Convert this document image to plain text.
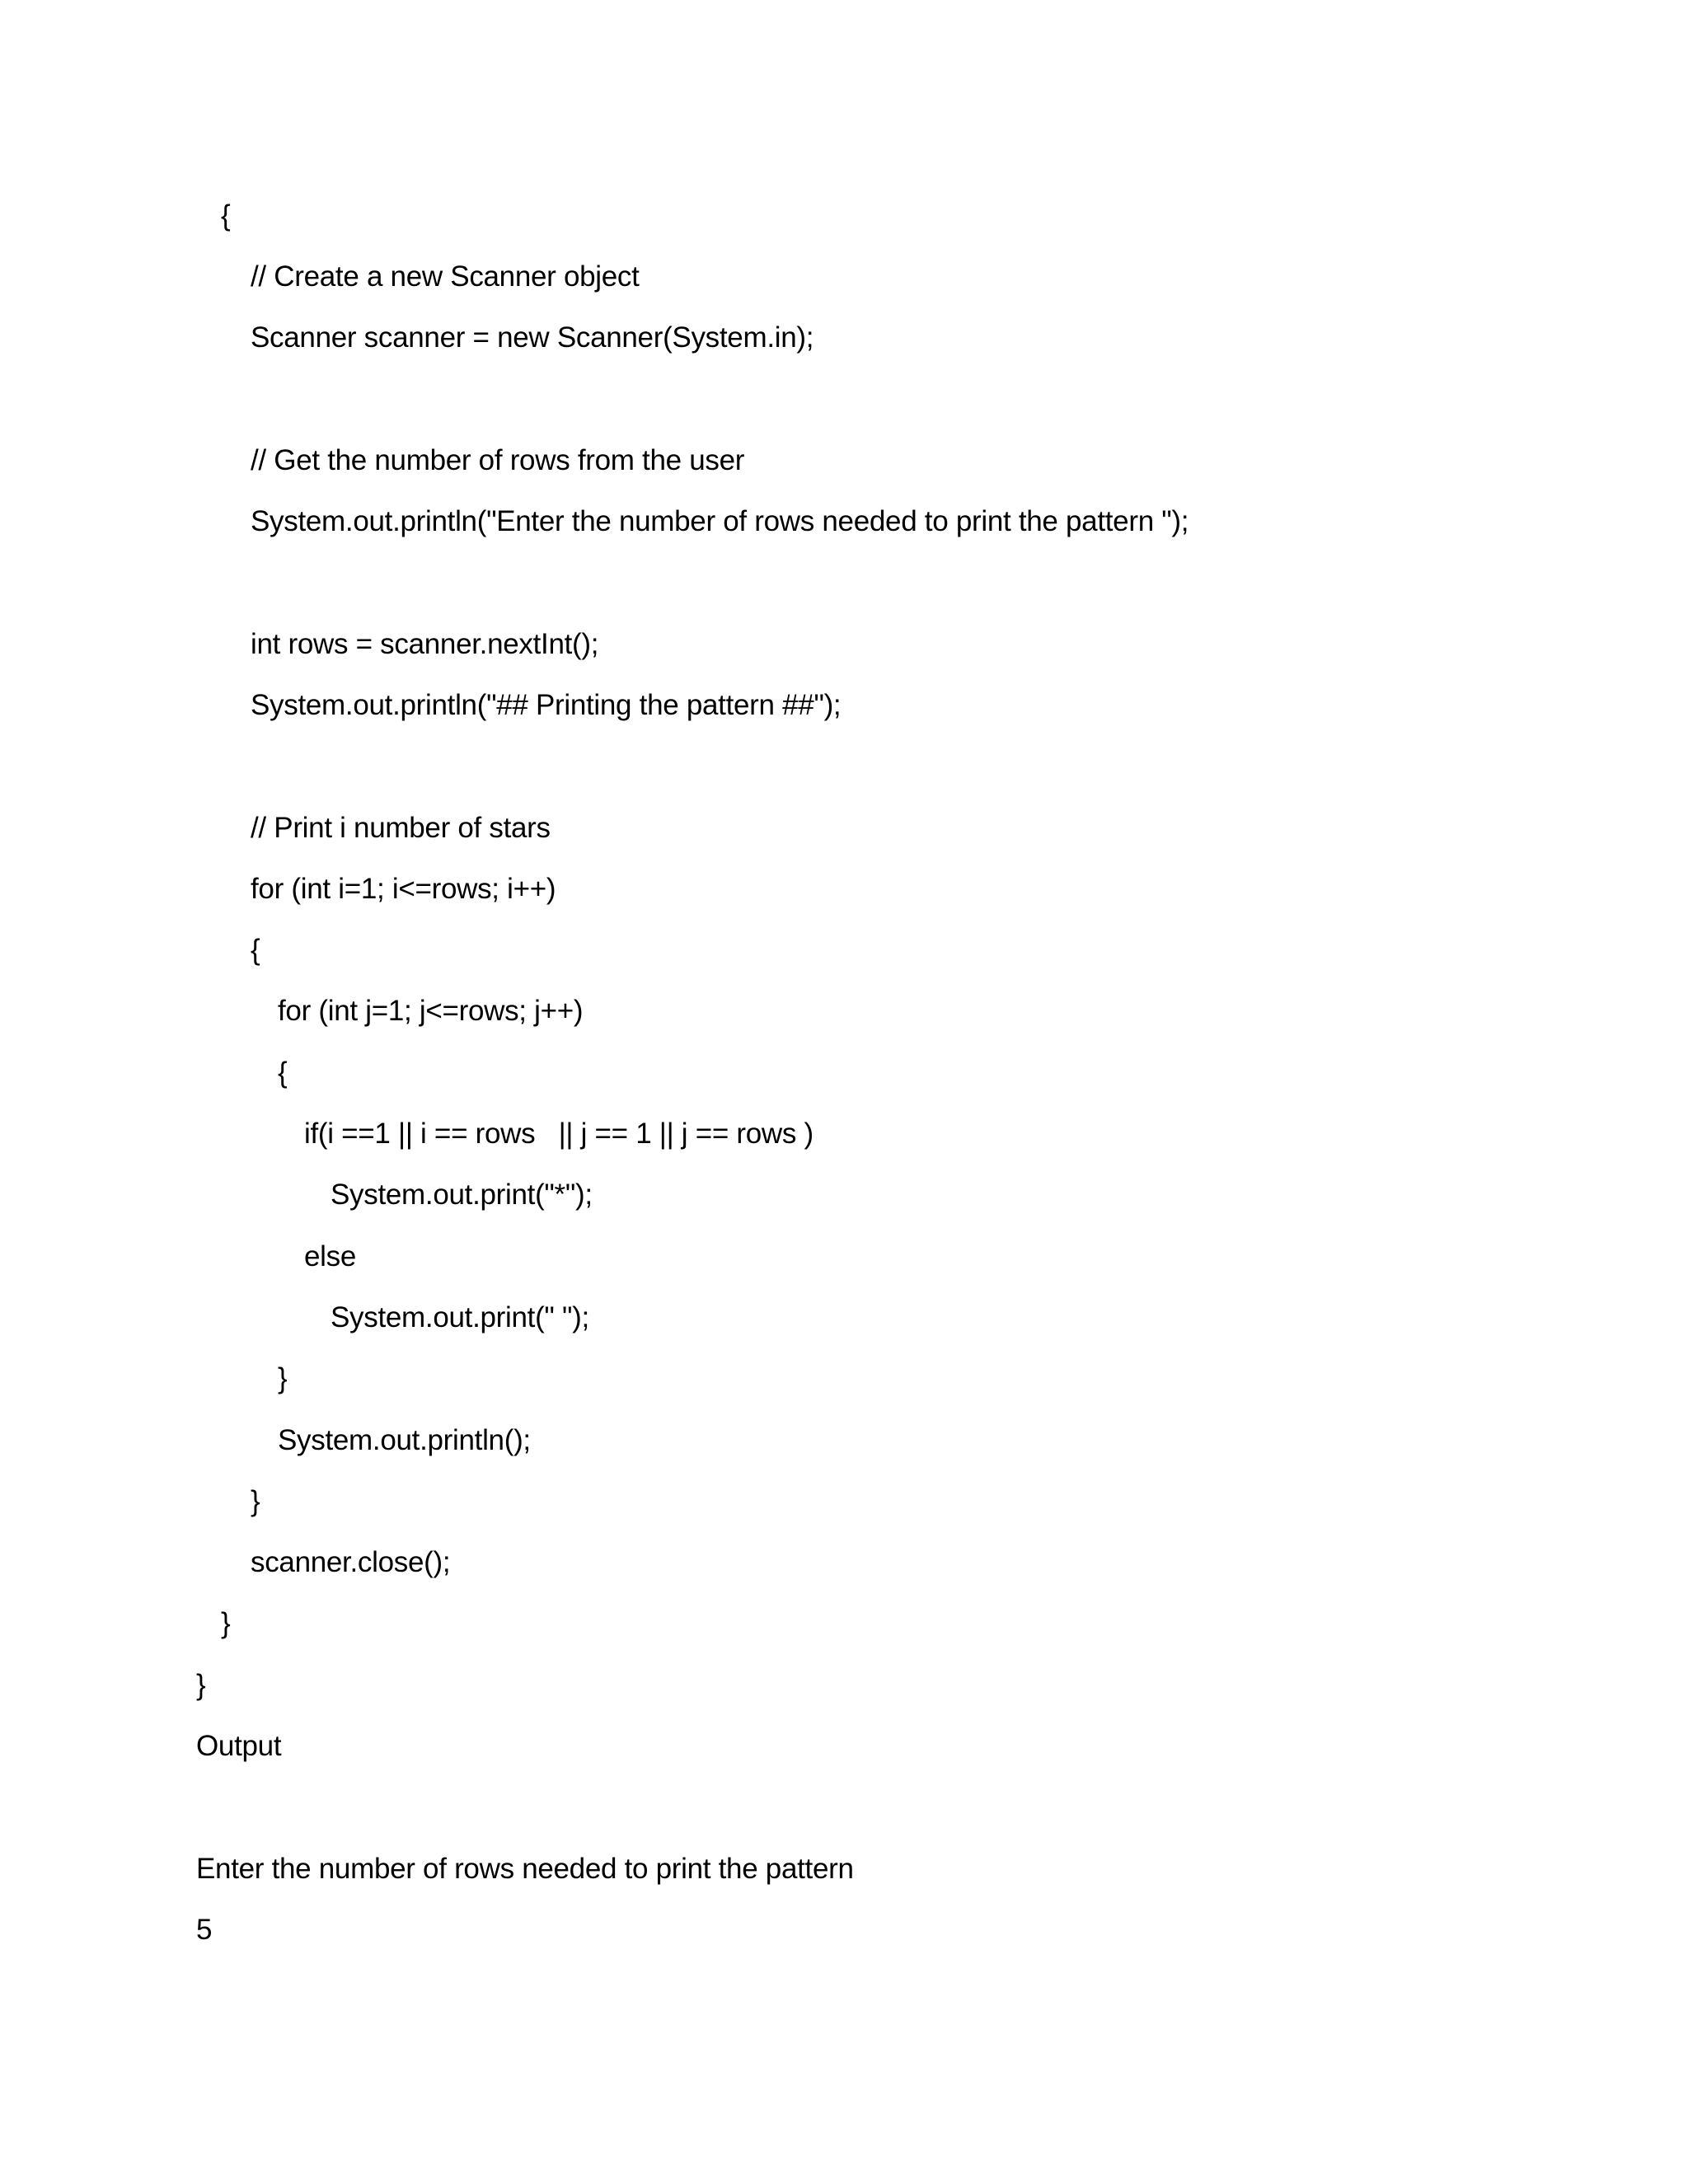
{
// Create a new Scanner object
Scanner scanner = new Scanner(System.in);
// Get the number of rows from the user
System.out.println("Enter the number of rows needed to print the pattern ");
int rows = scanner.nextInt();
System.out.println("## Printing the pattern ##");
// Print i number of stars
for (int i=1; i<=rows; i++)
{
for (int j=1; j<=rows; j++)
{
if(i ==1 || i == rows   || j == 1 || j == rows )
System.out.print("*");
else
System.out.print(" ");
}
System.out.println();
}
scanner.close();
}
}
Output
Enter the number of rows needed to print the pattern
5
